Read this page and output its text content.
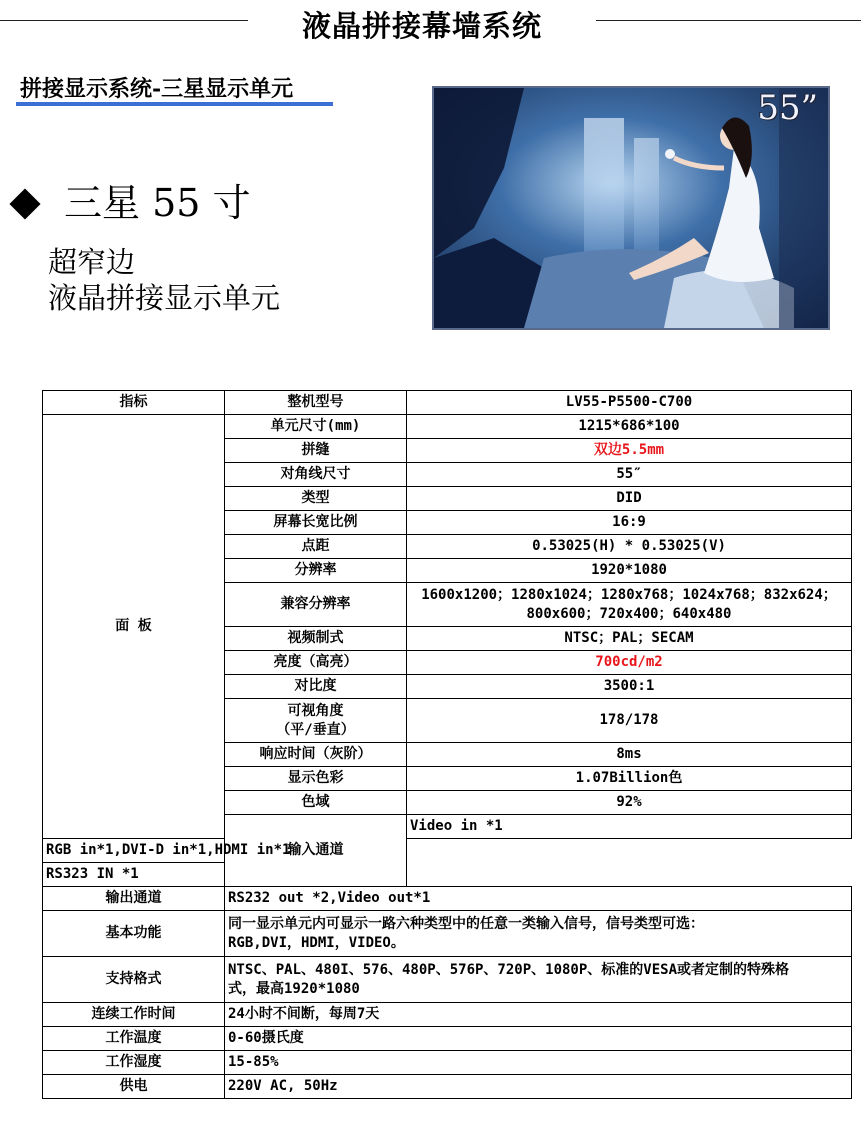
液晶拼接幕墙系统
拼接显示系统-三星显示单元
三星 55 寸
超窄边
液晶拼接显示单元
55”
指标	整机型号	LV55-P5500-C700
面 板	单元尺寸(mm)	1215*686*100
	拼缝	双边5.5mm
	对角线尺寸	55″
	类型	DID
	屏幕长宽比例	16:9
	点距	0.53025(H) * 0.53025(V)
	分辨率	1920*1080
	兼容分辨率	1600x1200；1280x1024；1280x768；1024x768；832x624；
800x600；720x400；640x480

	视频制式	NTSC；PAL；SECAM
	亮度（高亮）	700cd/m2
	对比度	3500:1

	可视角度
（平/垂直）	178/178
	响应时间（灰阶）	8ms
	显示色彩	1.07Billion色
	色域	92%
	输入通道	Video in *1
RGB in*1,DVI-D in*1,HDMI in*1		
RS323 IN *1		
输出通道	RS232 out *2,Video out*1	
基本功能	同一显示单元内可显示一路六种类型中的任意一类输入信号，信号类型可选：
RGB,DVI，HDMI，VIDEO。	

支持格式	NTSC、PAL、480I、576、480P、576P、720P、1080P、标准的VESA或者定制的特殊格
式，最高1920*1080	

连续工作时间	24小时不间断，每周7天	
工作温度	0-60摄氏度	
工作湿度	15-85%	
供电	220V AC, 50Hz	
